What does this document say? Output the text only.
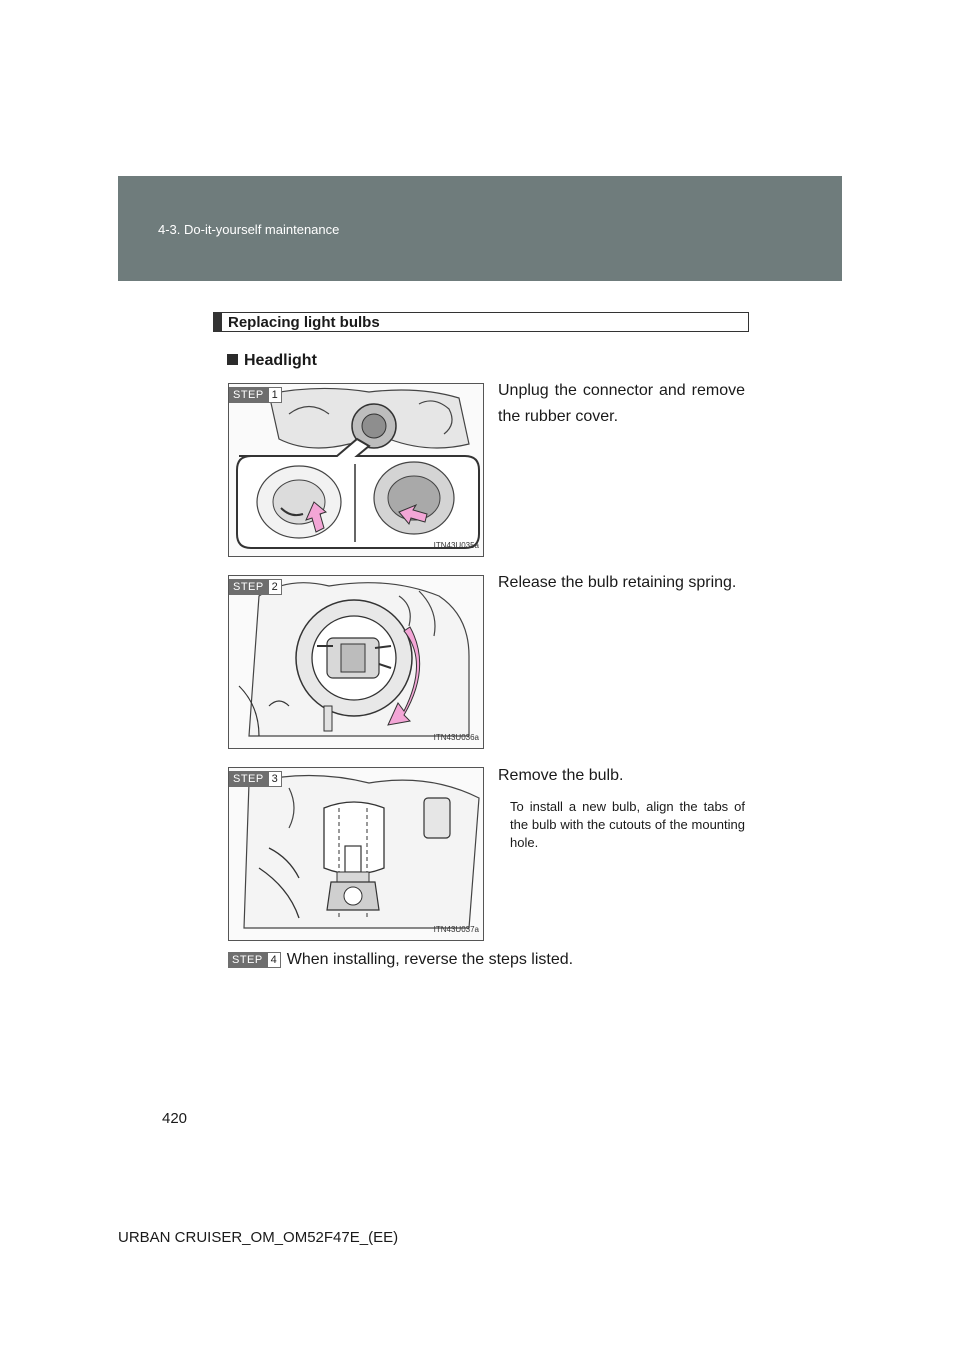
4-3. Do-it-yourself maintenance
Replacing light bulbs
Headlight
STEP 1
ITN43U035a
Unplug the connector and remove the rubber cover.
STEP 2
ITN43U036a
Release the bulb retaining spring.
STEP 3
ITN43U037a
Remove the bulb.
To install a new bulb, align the tabs of the bulb with the cutouts of the mounting hole.
STEP 4 When installing, reverse the steps listed.
420
URBAN CRUISER_OM_OM52F47E_(EE)
